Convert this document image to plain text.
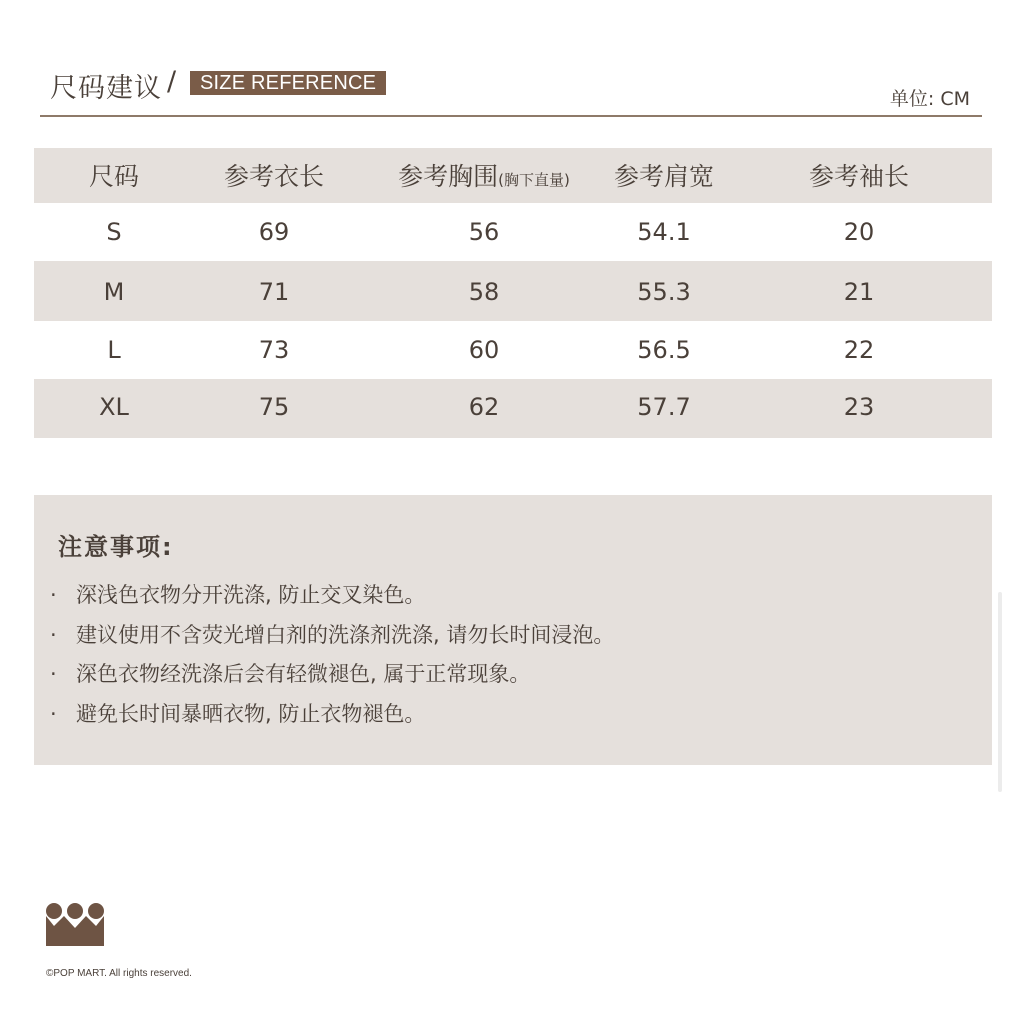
尺码建议 /	SIZE REFERENCE
单位: CM
尺码	参考衣长	参考胸围(胸下直量)	参考肩宽	参考袖长
S	69	56	54.1	20
M	71	58	55.3	21
L	73	60	56.5	22
XL	75	62	57.7	23
注意事项:
· 深浅色衣物分开洗涤, 防止交叉染色。
· 建议使用不含荧光增白剂的洗涤剂洗涤, 请勿长时间浸泡。
· 深色衣物经洗涤后会有轻微褪色, 属于正常现象。
· 避免长时间暴晒衣物, 防止衣物褪色。
©POP MART. All rights reserved.
